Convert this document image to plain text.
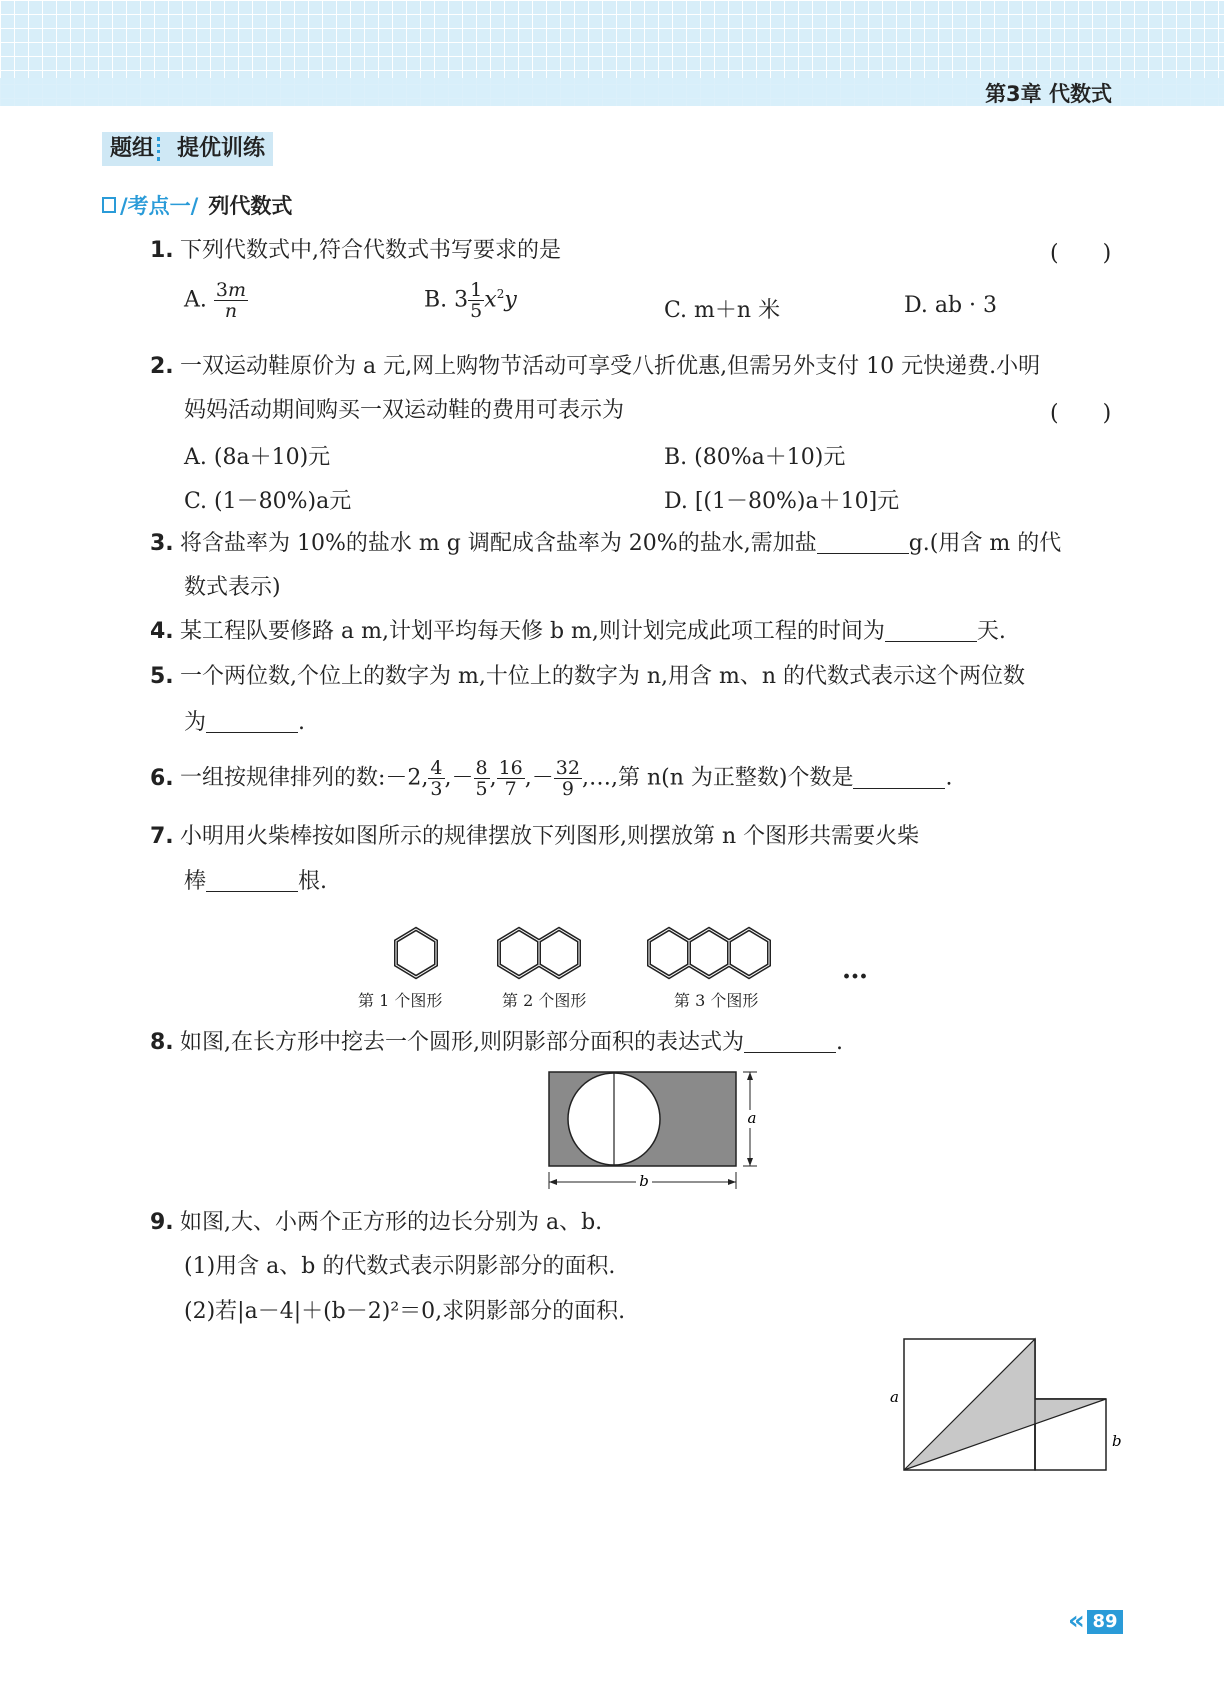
第3章 代数式
题组 提优训练
/考点一/ 列代数式
1. 下列代数式中,符合代数式书写要求的是	(　　)
A. $\frac{3m}{n}$	B. $3 \frac{1}{5} x^2y$	C. m＋n 米	D. ab · 3
2. 一双运动鞋原价为 a 元,网上购物节活动可享受八折优惠,但需另外支付 10 元快递费.小明
妈妈活动期间购买一双运动鞋的费用可表示为	(　　)
A. (8a＋10)元	B. (80%a＋10)元
C. (1－80%)a元	D. [(1－80%)a＋10]元
3. 将含盐率为 10%的盐水 m g 调配成含盐率为 20%的盐水,需加盐	g.(用含 m 的代
数式表示)
4. 某工程队要修路 a m,计划平均每天修 b m,则计划完成此项工程的时间为	天.
5. 一个两位数,个位上的数字为 m,十位上的数字为 n,用含 m、n 的代数式表示这个两位数
为	.
6. 一组按规律排列的数:－2, $\frac{4}{3}$ ,－ $\frac{8}{5}$ , $\frac{16}{7}$ ,－ $\frac{32}{9}$ ,…,第 n(n 为正整数)个数是	.
7. 小明用火柴棒按如图所示的规律摆放下列图形,则摆放第 n 个图形共需要火柴
棒	根.
第 1 个图形	第 2 个图形	第 3 个图形
…
8. 如图,在长方形中挖去一个圆形,则阴影部分面积的表达式为	.
b
a
9. 如图,大、小两个正方形的边长分别为 a、b.
(1)用含 a、b 的代数式表示阴影部分的面积.
(2)若|a－4|＋(b－2)²＝0,求阴影部分的面积.
a
b
« 89
